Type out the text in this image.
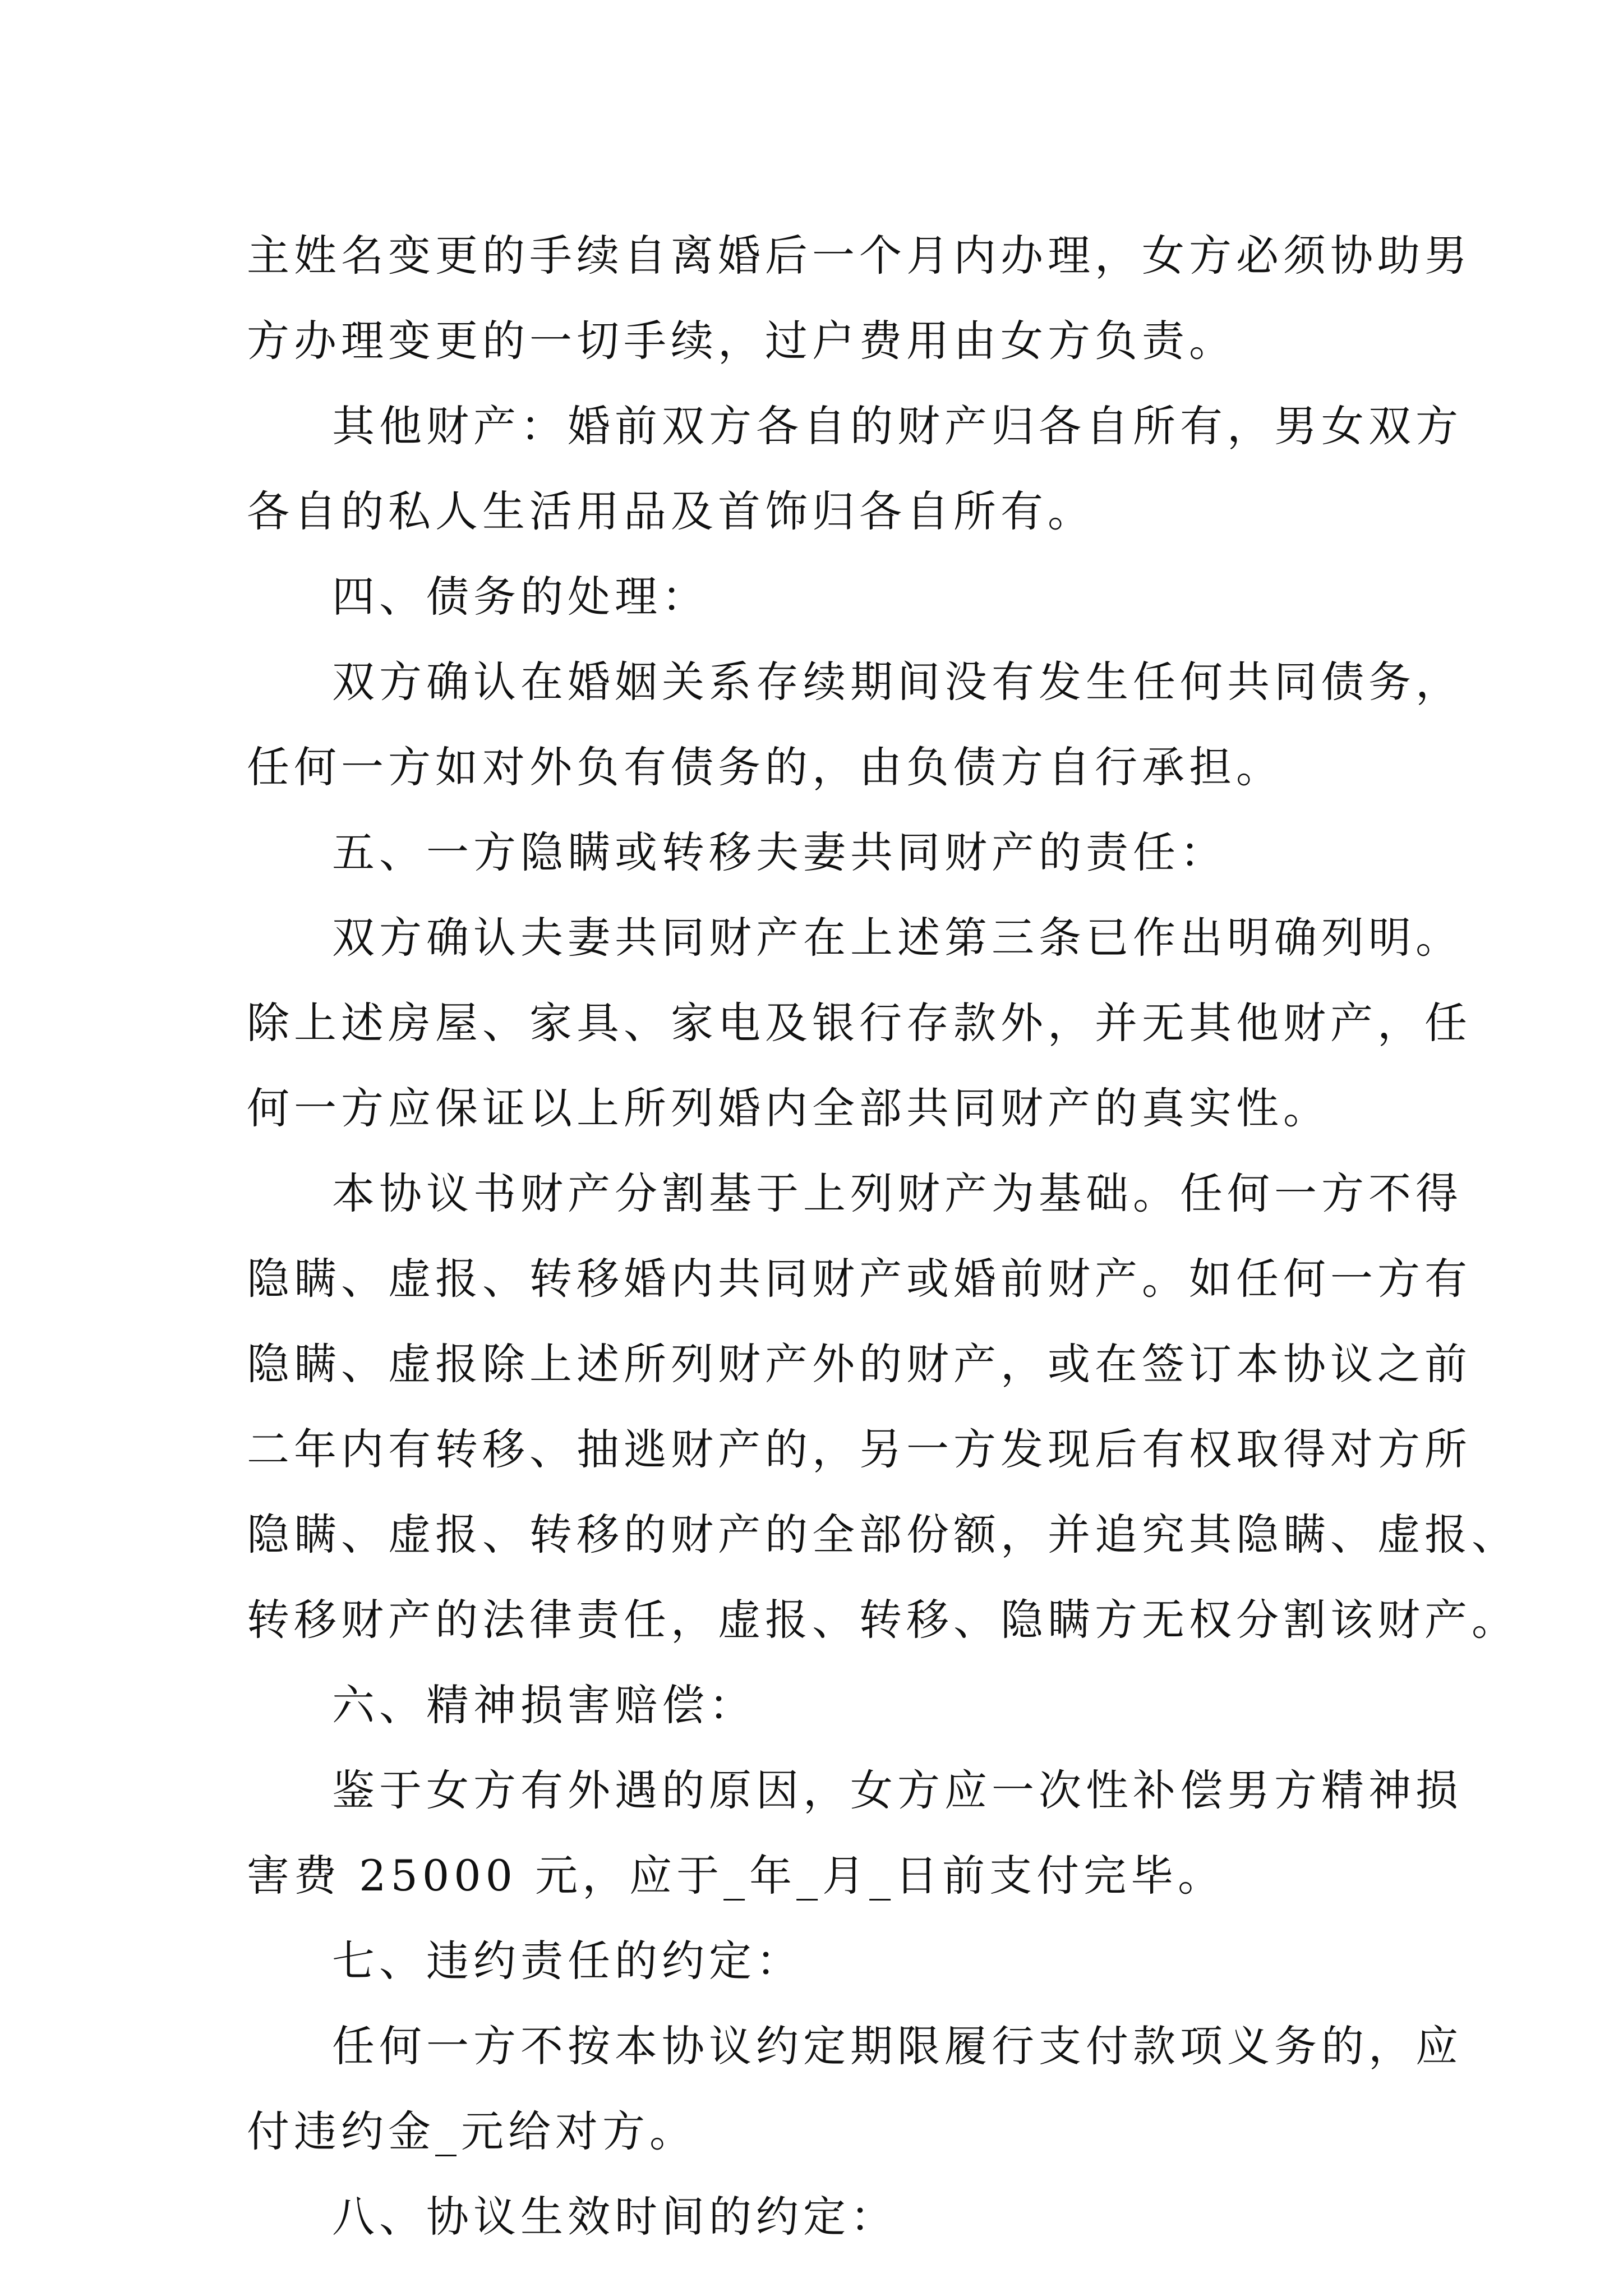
主姓名变更的手续自离婚后一个月内办理，女方必须协助男
方办理变更的一切手续，过户费用由女方负责。
其他财产：婚前双方各自的财产归各自所有，男女双方
各自的私人生活用品及首饰归各自所有。
四、债务的处理：
双方确认在婚姻关系存续期间没有发生任何共同债务，
任何一方如对外负有债务的，由负债方自行承担。
五、一方隐瞒或转移夫妻共同财产的责任：
双方确认夫妻共同财产在上述第三条已作出明确列明。
除上述房屋、家具、家电及银行存款外，并无其他财产，任
何一方应保证以上所列婚内全部共同财产的真实性。
本协议书财产分割基于上列财产为基础。任何一方不得
隐瞒、虚报、转移婚内共同财产或婚前财产。如任何一方有
隐瞒、虚报除上述所列财产外的财产，或在签订本协议之前
二年内有转移、抽逃财产的，另一方发现后有权取得对方所
隐瞒、虚报、转移的财产的全部份额，并追究其隐瞒、虚报、
转移财产的法律责任，虚报、转移、隐瞒方无权分割该财产。
六、精神损害赔偿：
鉴于女方有外遇的原因，女方应一次性补偿男方精神损
害费 25000 元，应于_年_月_日前支付完毕。
七、违约责任的约定：
任何一方不按本协议约定期限履行支付款项义务的，应
付违约金_元给对方。
八、协议生效时间的约定：
